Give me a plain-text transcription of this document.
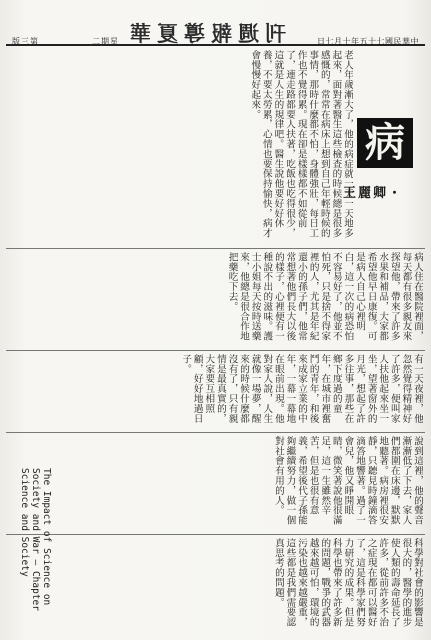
刊週報導夏華
版三第	二期星	日七月十年五十七國民華中
老人年歲漸大了，他的病症就一天一天地多起來，面對著醫生這些檢查的時候總是很多感慨的，常常在病床上想到自己年輕時候的事情，那時什麼都不怕，身體強壯，每日工作也不覺得累。現在卻是樣樣都不如從前了，連走路都要人扶著，吃飯也吃得很少，這就是人生的規律吧。醫生說他要好好休養，不要太勞累，心情也要保持愉快，病才會慢慢好起來。
病人住在醫院裡面，每天都有很多親友來探望他，帶來了許多水果和補品，大家都希望他早日康復。可是病人自己心裡明白，這一次的病恐怕不容易好了，他並不怕死，只是捨不得家裡的人，尤其是年紀還小的孫子們，他常常想著他們長大以後的樣子，心裡便有一種說不出的滋味。護士小姐每天按時送藥來，他總是很合作地把藥吃下去。
有一天夜裡，他忽然覺得精神好了許多，便叫家人扶他起來坐一坐，望著窗外的月光，想起了許多往事，那些在鄉下度過的童年，在城市裡奮鬥的青年，和後來成家立業的中年，一幕一幕地在眼前出現。他對家人說，人生就像一場夢，醒來的時候什麼都沒有了，只有親情是最真實的，大家要互相照顧，好好地過日子。
說到這裡，他的聲音漸漸低了下去，家人們都圍在床邊，默默地聽著。病房裡很安靜，只聽見時鐘滴答滴答地響著。過了一會兒，他又睜開眼睛，微笑著說他很滿足，這一生雖然辛苦，但是也很有意義，希望後代子孫能夠繼續努力，做一個對社會有用的人。
科學對社會的影響是很大的，醫學的進步使人類的壽命延長了許多，從前許多不治之症現在都可以醫好了，這是科學家們努力研究的成果。但是科學也帶來了許多新的問題，戰爭的武器越來越可怕，環境的污染也越來越嚴重，這些都是我們需要認真思考的問題。
病
王麗卿・
The Impact of Science on Society and War — Chapter Science and Society
